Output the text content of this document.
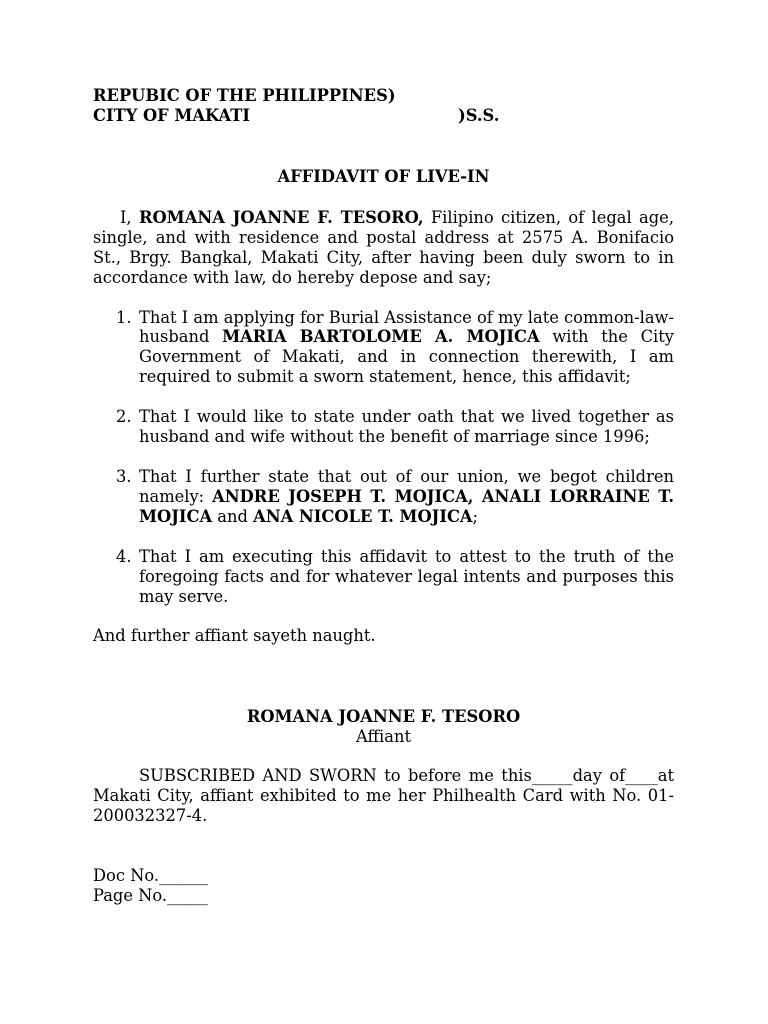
REPUBIC OF THE PHILIPPINES)
CITY OF MAKATI	)S.S.
AFFIDAVIT OF LIVE-IN
I, ROMANA JOANNE F. TESORO, Filipino citizen, of legal age, single, and with residence and postal address at 2575 A. Bonifacio St., Brgy. Bangkal, Makati City, after having been duly sworn to in accordance with law, do hereby depose and say;
1. That I am applying for Burial Assistance of my late common-law-husband MARIA BARTOLOME A. MOJICA with the City Government of Makati, and in connection therewith, I am required to submit a sworn statement, hence, this affidavit;
2. That I would like to state under oath that we lived together as husband and wife without the benefit of marriage since 1996;
3. That I further state that out of our union, we begot children namely: ANDRE JOSEPH T. MOJICA, ANALI LORRAINE T. MOJICA and ANA NICOLE T. MOJICA;
4. That I am executing this affidavit to attest to the truth of the foregoing facts and for whatever legal intents and purposes this may serve.
And further affiant sayeth naught.
ROMANA JOANNE F. TESORO
Affiant
SUBSCRIBED AND SWORN to before me this_____day of____at Makati City, affiant exhibited to me her Philhealth Card with No. 01-200032327-4.
Doc No.______
Page No._____
